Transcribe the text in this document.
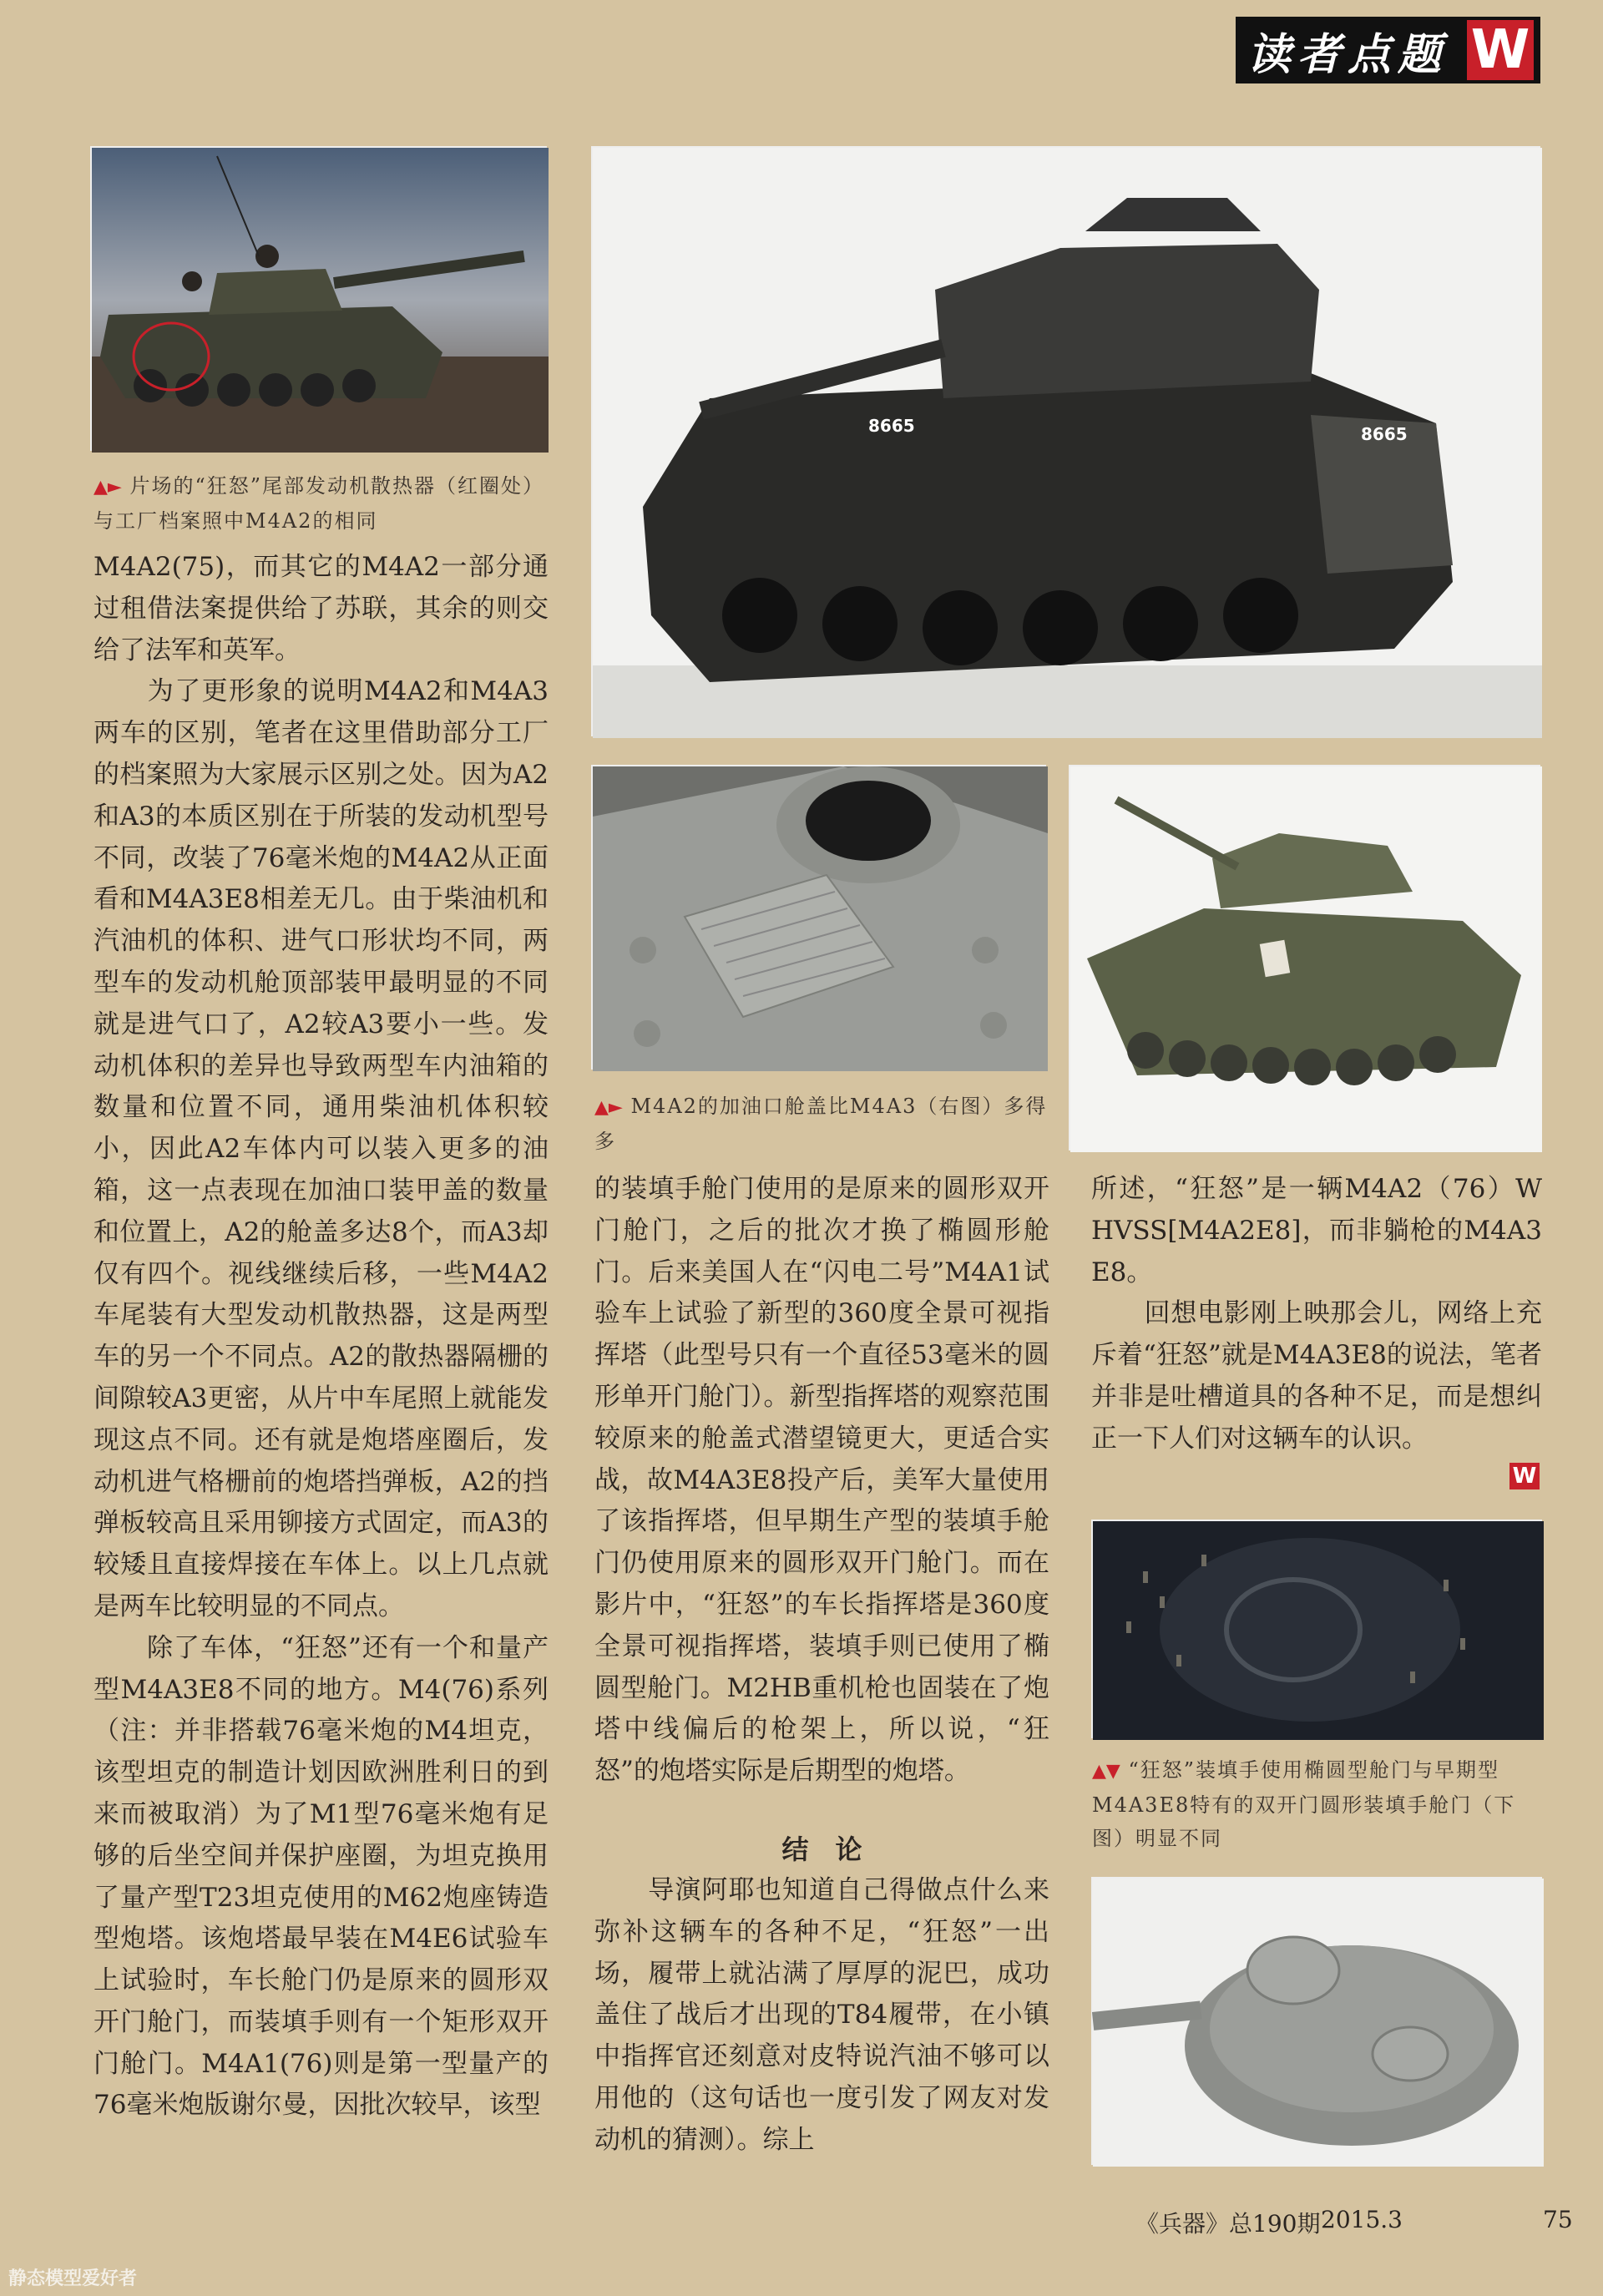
读者点题 W
▲► 片场的“狂怒”尾部发动机散热器（红圈处）与工厂档案照中M4A2的相同
8665	8665
▲► M4A2的加油口舱盖比M4A3（右图）多得多
▲▼ “狂怒”装填手使用椭圆型舱门与早期型M4A3E8特有的双开门圆形装填手舱门（下图）明显不同
M4A2(75)，而其它的M4A2一部分通过租借法案提供给了苏联，其余的则交给了法军和英军。
　　为了更形象的说明M4A2和M4A3两车的区别，笔者在这里借助部分工厂的档案照为大家展示区别之处。因为A2和A3的本质区别在于所装的发动机型号不同，改装了76毫米炮的M4A2从正面看和M4A3E8相差无几。由于柴油机和汽油机的体积、进气口形状均不同，两型车的发动机舱顶部装甲最明显的不同就是进气口了，A2较A3要小一些。发动机体积的差异也导致两型车内油箱的数量和位置不同，通用柴油机体积较小，因此A2车体内可以装入更多的油箱，这一点表现在加油口装甲盖的数量和位置上，A2的舱盖多达8个，而A3却仅有四个。视线继续后移，一些M4A2车尾装有大型发动机散热器，这是两型车的另一个不同点。A2的散热器隔栅的间隙较A3更密，从片中车尾照上就能发现这点不同。还有就是炮塔座圈后，发动机进气格栅前的炮塔挡弹板，A2的挡弹板较高且采用铆接方式固定，而A3的较矮且直接焊接在车体上。以上几点就是两车比较明显的不同点。
　　除了车体，“狂怒”还有一个和量产型M4A3E8不同的地方。M4(76)系列（注：并非搭载76毫米炮的M4坦克，该型坦克的制造计划因欧洲胜利日的到来而被取消）为了M1型76毫米炮有足够的后坐空间并保护座圈，为坦克换用了量产型T23坦克使用的M62炮座铸造型炮塔。该炮塔最早装在M4E6试验车上试验时，车长舱门仍是原来的圆形双开门舱门，而装填手则有一个矩形双开门舱门。M4A1(76)则是第一型量产的76毫米炮版谢尔曼，因批次较早，该型
的装填手舱门使用的是原来的圆形双开门舱门，之后的批次才换了椭圆形舱门。后来美国人在“闪电二号”M4A1试验车上试验了新型的360度全景可视指挥塔（此型号只有一个直径53毫米的圆形单开门舱门）。新型指挥塔的观察范围较原来的舱盖式潜望镜更大，更适合实战，故M4A3E8投产后，美军大量使用了该指挥塔，但早期生产型的装填手舱门仍使用原来的圆形双开门舱门。而在影片中，“狂怒”的车长指挥塔是360度全景可视指挥塔，装填手则已使用了椭圆型舱门。M2HB重机枪也固装在了炮塔中线偏后的枪架上，所以说，“狂怒”的炮塔实际是后期型的炮塔。
结　论
　　导演阿耶也知道自己得做点什么来弥补这辆车的各种不足，“狂怒”一出场，履带上就沾满了厚厚的泥巴，成功盖住了战后才出现的T84履带，在小镇中指挥官还刻意对皮特说汽油不够可以用他的（这句话也一度引发了网友对发动机的猜测）。综上
所述，“狂怒”是一辆M4A2（76）W HVSS[M4A2E8]，而非躺枪的M4A3E8。
　　回想电影刚上映那会儿，网络上充斥着“狂怒”就是M4A3E8的说法，笔者并非是吐槽道具的各种不足，而是想纠正一下人们对这辆车的认识。
W
《兵器》总190期 2015.3	75
静态模型爱好者
